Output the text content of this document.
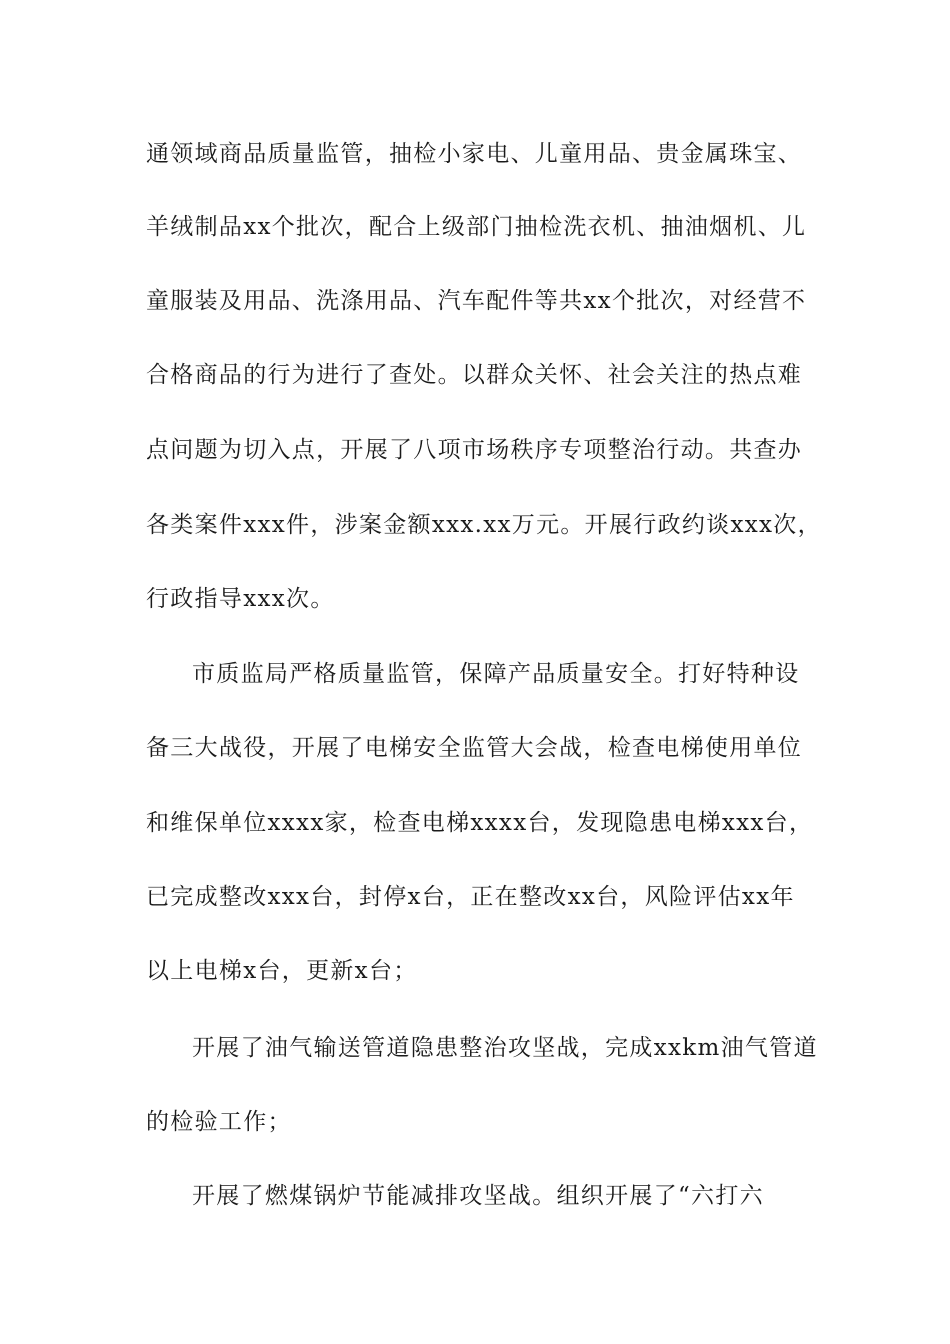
通领域商品质量监管，抽检小家电、儿童用品、贵金属珠宝、
羊绒制品xx个批次，配合上级部门抽检洗衣机、抽油烟机、儿
童服装及用品、洗涤用品、汽车配件等共xx个批次，对经营不
合格商品的行为进行了查处。以群众关怀、社会关注的热点难
点问题为切入点，开展了八项市场秩序专项整治行动。共查办
各类案件xxx件，涉案金额xxx.xx万元。开展行政约谈xxx次，
行政指导xxx次。
市质监局严格质量监管，保障产品质量安全。打好特种设
备三大战役，开展了电梯安全监管大会战，检查电梯使用单位
和维保单位xxxx家，检查电梯xxxx台，发现隐患电梯xxx台，
已完成整改xxx台，封停x台，正在整改xx台，风险评估xx年
以上电梯x台，更新x台；
开展了油气输送管道隐患整治攻坚战，完成xxkm油气管道
的检验工作；
开展了燃煤锅炉节能减排攻坚战。组织开展了“六打六
